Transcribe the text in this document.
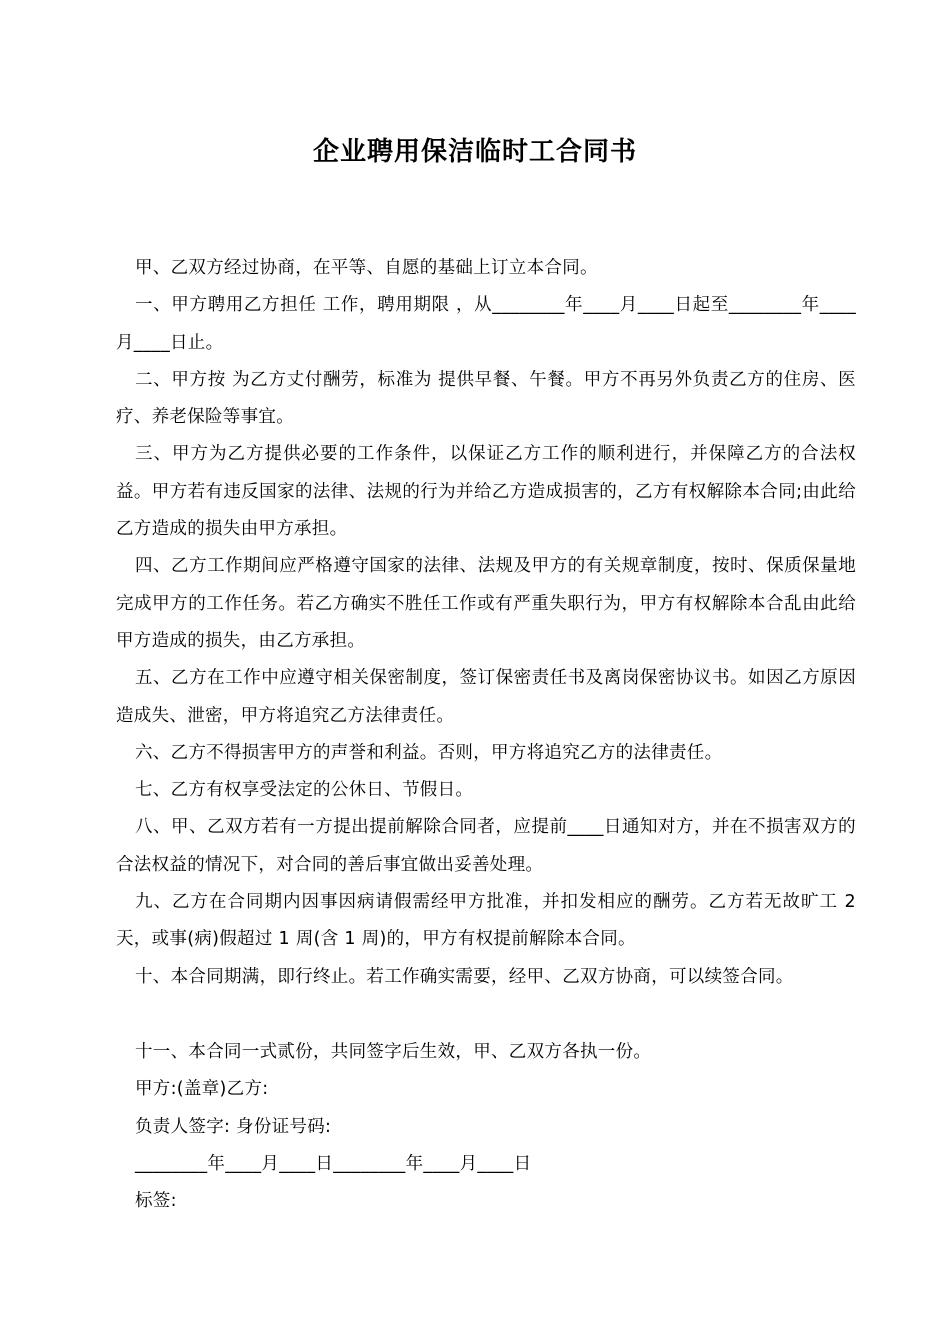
企业聘用保洁临时工合同书

甲、乙双方经过协商，在平等、自愿的基础上订立本合同。

一、甲方聘用乙方担任 工作，聘用期限 ，从________年____月____日起至________年____月____日止。

二、甲方按 为乙方丈付酬劳，标准为 提供早餐、午餐。甲方不再另外负责乙方的住房、医疗、养老保险等事宜。

三、甲方为乙方提供必要的工作条件，以保证乙方工作的顺利进行，并保障乙方的合法权益。甲方若有违反国家的法律、法规的行为并给乙方造成损害的，乙方有权解除本合同;由此给乙方造成的损失由甲方承担。

四、乙方工作期间应严格遵守国家的法律、法规及甲方的有关规章制度，按时、保质保量地完成甲方的工作任务。若乙方确实不胜任工作或有严重失职行为，甲方有权解除本合乱由此给甲方造成的损失，由乙方承担。

五、乙方在工作中应遵守相关保密制度，签订保密责任书及离岗保密协议书。如因乙方原因造成失、泄密，甲方将追究乙方法律责任。

六、乙方不得损害甲方的声誉和利益。否则，甲方将追究乙方的法律责任。

七、乙方有权享受法定的公休日、节假日。

八、甲、乙双方若有一方提出提前解除合同者，应提前____日通知对方，并在不损害双方的合法权益的情况下，对合同的善后事宜做出妥善处理。

九、乙方在合同期内因事因病请假需经甲方批准，并扣发相应的酬劳。乙方若无故旷工 2 天，或事(病)假超过 1 周(含 1 周)的，甲方有权提前解除本合同。

十、本合同期满，即行终止。若工作确实需要，经甲、乙双方协商，可以续签合同。

十一、本合同一式贰份，共同签字后生效，甲、乙双方各执一份。

甲方:(盖章)乙方:

负责人签字: 身份证号码:

________年____月____日________年____月____日

标签:
